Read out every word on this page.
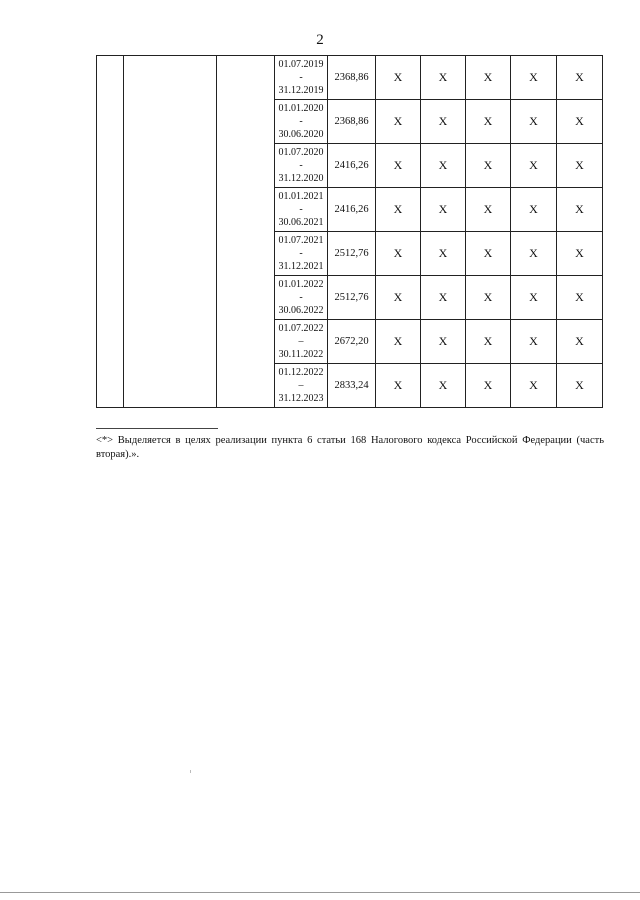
2

			01.07.2019
-
31.12.2019	2368,86	X	X	X	X	X

			01.01.2020
-
30.06.2020	2368,86	X	X	X	X	X

			01.07.2020
-
31.12.2020	2416,26	X	X	X	X	X

			01.01.2021
-
30.06.2021	2416,26	X	X	X	X	X

			01.07.2021
-
31.12.2021	2512,76	X	X	X	X	X

			01.01.2022
-
30.06.2022	2512,76	X	X	X	X	X

			01.07.2022
–
30.11.2022	2672,20	X	X	X	X	X

			01.12.2022
–
31.12.2023	2833,24	X	X	X	X	X
<*> Выделяется в целях реализации пункта 6 статьи 168 Налогового кодекса Российской Федерации (часть вторая).».
